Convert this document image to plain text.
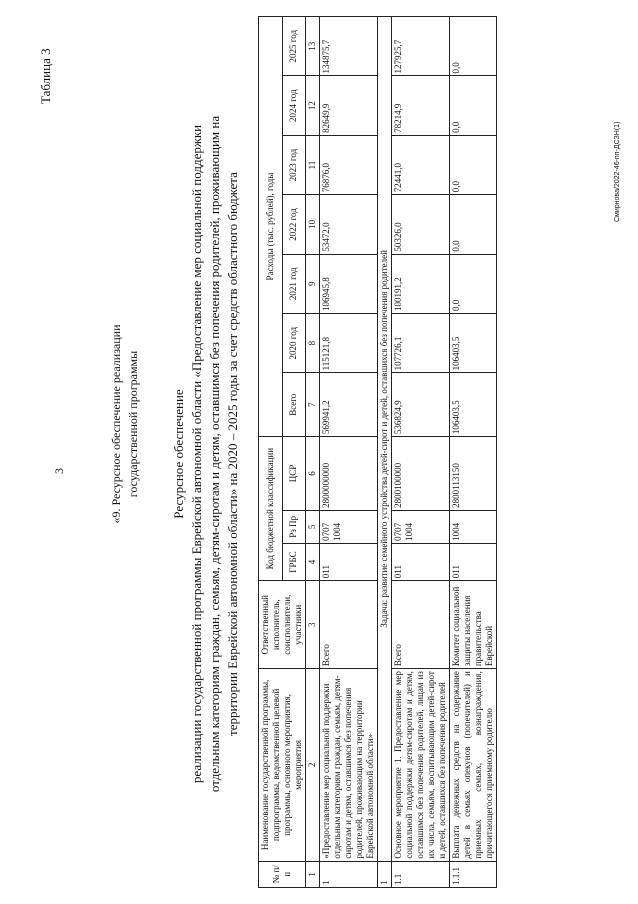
3
Таблица 3
«9. Ресурсное обеспечение реализации государственной программы Ресурсное обеспечение реализации государственной программы Еврейской автономной области «Предоставление мер социальной поддержки отдельным категориям граждан, семьям, детям-сиротам и детям, оставшимся без попечения родителей, проживающим на территории Еврейской автономной области» на 2020 – 2025 годы за счет средств областного бюджета
№ п/п	Наименование государственной программы, подпрограммы, ведомственной целевой программы, основного мероприятия, мероприятия	Ответственный исполнитель, соисполнители, участники	Код бюджетной классификации			Расходы (тыс. рублей), годы						
			ГРБС	Рз Пр	ЦСР	Всего	2020 год	2021 год	2022 год	2023 год	2024 год	2025 год
1	2	3	4	5	6	7	8	9	10	11	12	13
1	«Предоставление мер социальной поддержки отдельным категориям граждан, семьям, детям-сиротам и детям, оставшимся без попечения родителей, проживающим на территории Еврейской автономной области»	Всего	011	0707 1004	2800000000	569941,2	115121,8	106945,8	53472,0	76876,0	82649,9	134875,7
1	Задача: развитие семейного устройства детей-сирот и детей, оставшихся без попечения родителей											
1.1	Основное мероприятие 1. Предоставление мер социальной поддержки детям-сиротам и детям, оставшимся без попечения родителей, лицам из их числа, семьям, воспитывающим детей-сирот и детей, оставшихся без попечения родителей	Всего	011	0707 1004	2800100000	536824,9	107726,1	100191,2	50326,0	72441,0	78214,9	127925,7
1.1.1	Выплата денежных средств на содержание детей в семьях опекунов (попечителей) и приемных семьях, вознаграждения, причитающегося приемному родителю	Комитет социальной защиты населения правительства Еврейской	011	1004	2800113150	106403,5	106403,5	0,0	0,0	0,0	0,0	0,0
Смирнова/2022-46-пп-ДСЗН(1)
